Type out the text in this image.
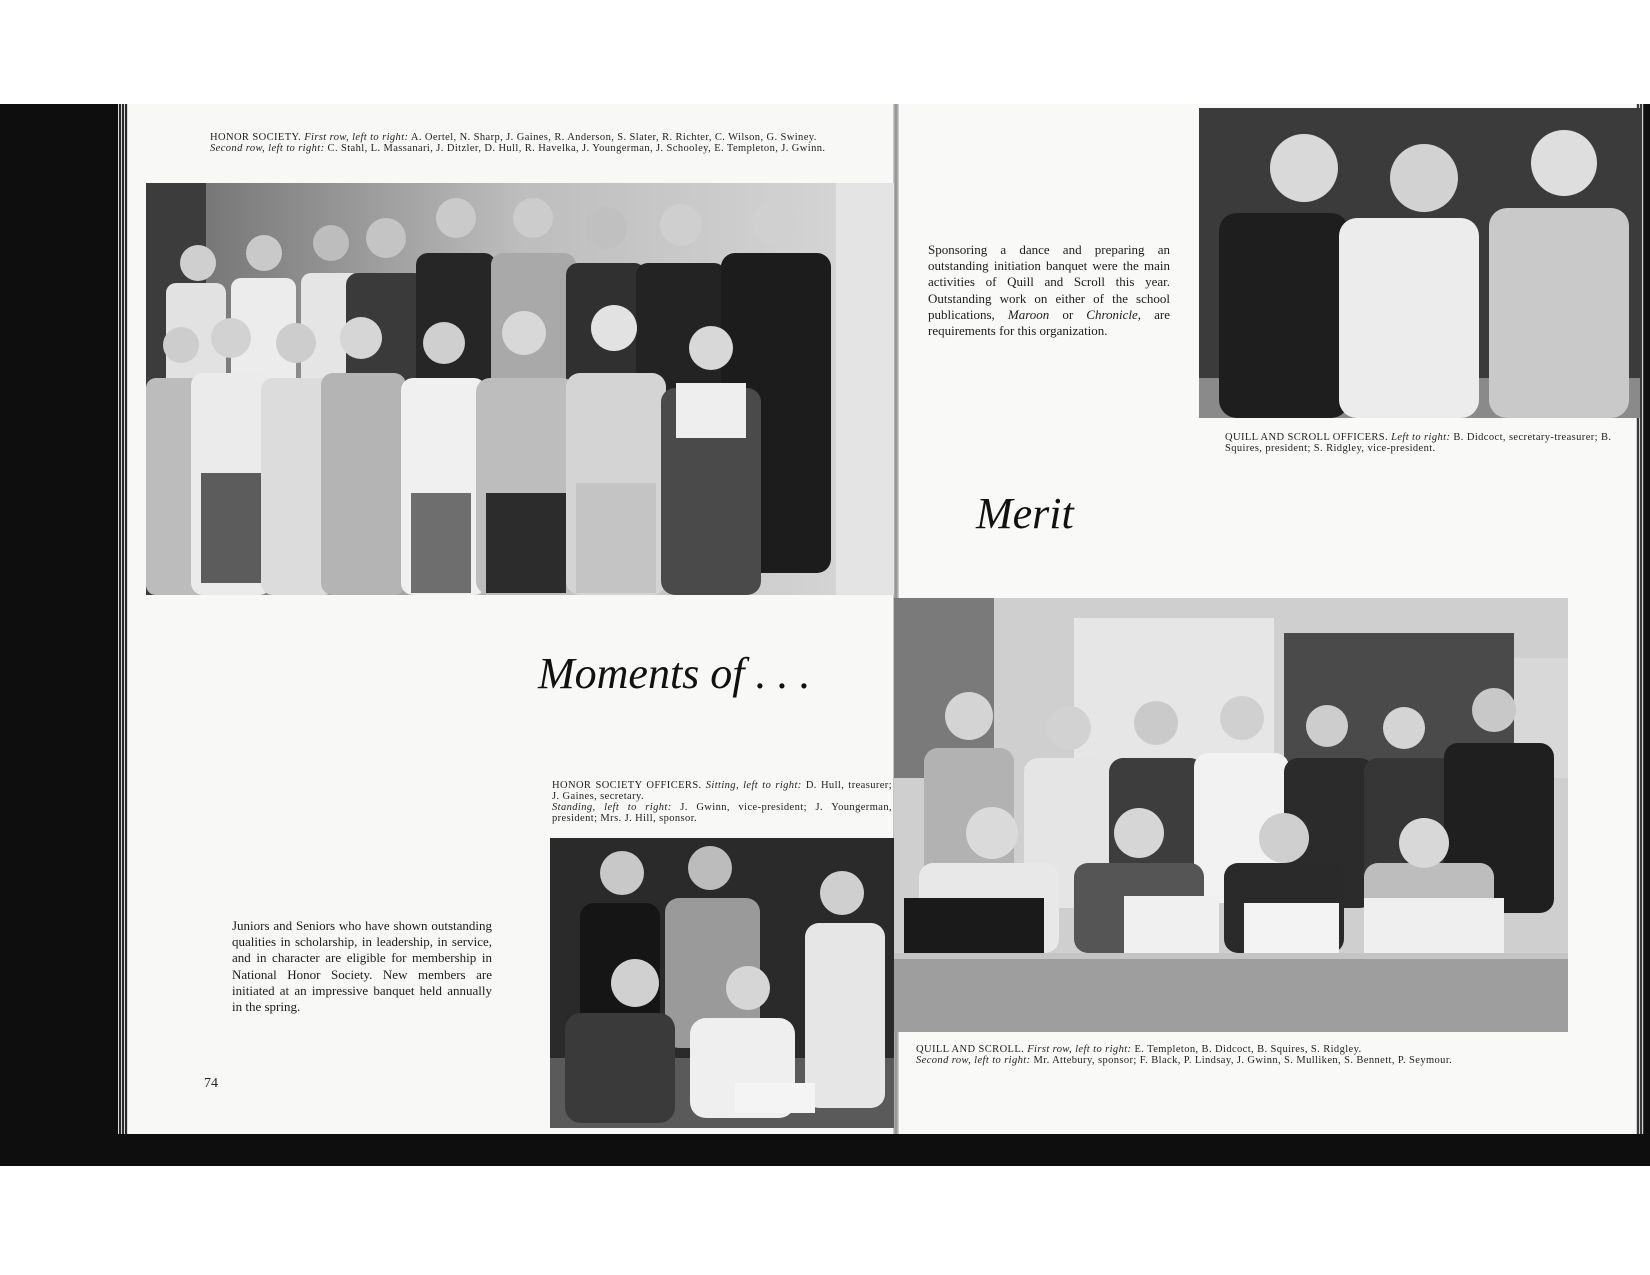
HONOR SOCIETY. First row, left to right: A. Oertel, N. Sharp, J. Gaines, R. Anderson, S. Slater, R. Richter, C. Wilson, G. Swiney.
Second row, left to right: C. Stahl, L. Massanari, J. Ditzler, D. Hull, R. Havelka, J. Youngerman, J. Schooley, E. Templeton, J. Gwinn.
Moments of . . .
HONOR SOCIETY OFFICERS. Sitting, left to right: D. Hull, treasurer; J. Gaines, secretary.
Standing, left to right: J. Gwinn, vice-president; J. Youngerman, president; Mrs. J. Hill, sponsor.
Juniors and Seniors who have shown outstanding qualities in scholarship, in leadership, in service, and in character are eligible for membership in National Honor Society. New members are initiated at an impressive banquet held annually in the spring.
74
Sponsoring a dance and preparing an outstanding initiation banquet were the main activities of Quill and Scroll this year. Outstanding work on either of the school publications, Maroon or Chronicle, are requirements for this organization.
QUILL AND SCROLL OFFICERS. Left to right: B. Didcoct, secretary-treasurer; B. Squires, president; S. Ridgley, vice-president.
Merit
QUILL AND SCROLL. First row, left to right: E. Templeton, B. Didcoct, B. Squires, S. Ridgley.
Second row, left to right: Mr. Attebury, sponsor; F. Black, P. Lindsay, J. Gwinn, S. Mulliken, S. Bennett, P. Seymour.
